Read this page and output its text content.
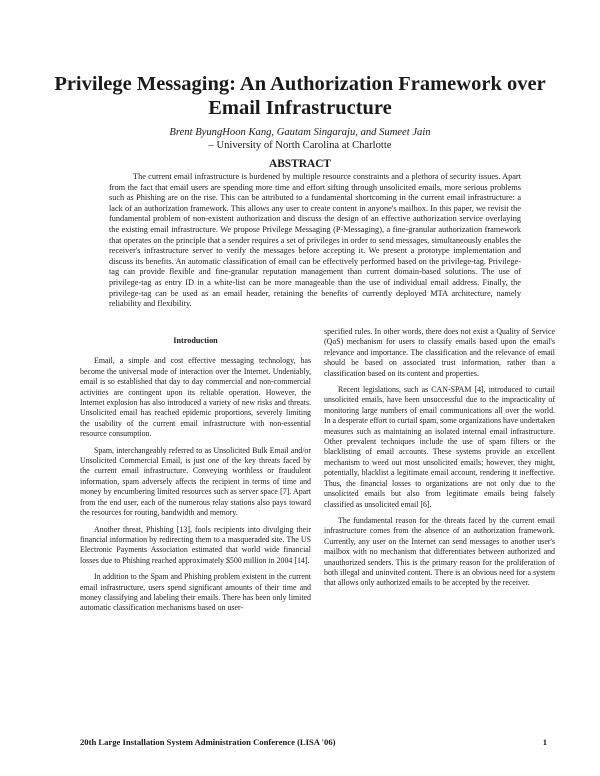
Privilege Messaging: An Authorization Framework over Email Infrastructure
Brent ByungHoon Kang, Gautam Singaraju, and Sumeet Jain
– University of North Carolina at Charlotte
ABSTRACT
The current email infrastructure is burdened by multiple resource constraints and a plethora of security issues. Apart from the fact that email users are spending more time and effort sifting through unsolicited emails, more serious problems such as Phishing are on the rise. This can be attributed to a fundamental shortcoming in the current email infrastructure: a lack of an authorization framework. This allows any user to create content in anyone's mailbox. In this paper, we revisit the fundamental problem of non-existent authorization and discuss the design of an effective authorization service overlaying the existing email infrastructure. We propose Privilege Messaging (P-Messaging), a fine-granular authorization framework that operates on the principle that a sender requires a set of privileges in order to send messages, simultaneously enables the receiver's infrastructure server to verify the messages before accepting it. We present a prototype implementation and discuss its benefits. An automatic classification of email can be effectively performed based on the privilege-tag. Privilege-tag can provide flexible and fine-granular reputation management than current domain-based solutions. The use of privilege-tag as entry ID in a white-list can be more manageable than the use of individual email address. Finally, the privilege-tag can be used as an email header, retaining the benefits of currently deployed MTA architecture, namely reliability and flexibility.
Introduction

Email, a simple and cost effective messaging technology, has become the universal mode of interaction over the Internet. Undeniably, email is so established that day to day commercial and non-commercial activities are contingent upon its reliable operation. However, the Internet explosion has also introduced a variety of new risks and threats. Unsolicited email has reached epidemic proportions, severely limiting the usability of the current email infrastructure with non-essential resource consumption.

Spam, interchangeably referred to as Unsolicited Bulk Email and/or Unsolicited Commercial Email, is just one of the key threats faced by the current email infrastructure. Conveying worthless or fraudulent information, spam adversely affects the recipient in terms of time and money by encumbering limited resources such as server space [7]. Apart from the end user, each of the numerous relay stations also pays toward the resources for routing, bandwidth and memory.

Another threat, Phishing [13], fools recipients into divulging their financial information by redirecting them to a masqueraded site. The US Electronic Payments Association estimated that world wide financial losses due to Phishing reached approximately $500 million in 2004 [14].

In addition to the Spam and Phishing problem existent in the current email infrastructure, users spend significant amounts of their time and money classifying and labeling their emails. There has been only limited automatic classification mechanisms based on user-

specified rules. In other words, there does not exist a Quality of Service (QoS) mechanism for users to classify emails based upon the email's relevance and importance. The classification and the relevance of email should be based on associated trust information, rather than a classification based on its content and properties.

Recent legislations, such as CAN-SPAM [4], introduced to curtail unsolicited emails, have been unsuccessful due to the impracticality of monitoring large numbers of email communications all over the world. In a desperate effort to curtail spam, some organizations have undertaken measures such as maintaining an isolated internal email infrastructure. Other prevalent techniques include the use of spam filters or the blacklisting of email accounts. These systems provide an excellent mechanism to weed out most unsolicited emails; however, they might, potentially, blacklist a legitimate email account, rendering it ineffective. Thus, the financial losses to organizations are not only due to the unsolicited emails but also from legitimate emails being falsely classified as unsolicited email [6].

The fundamental reason for the threats faced by the current email infrastructure comes from the absence of an authorization framework. Currently, any user on the Internet can send messages to another user's mailbox with no mechanism that differentiates between authorized and unauthorized senders. This is the primary reason for the proliferation of both illegal and uninvited content. There is an obvious need for a system that allows only authorized emails to be accepted by the receiver.

20th Large Installation System Administration Conference (LISA '06)	1
